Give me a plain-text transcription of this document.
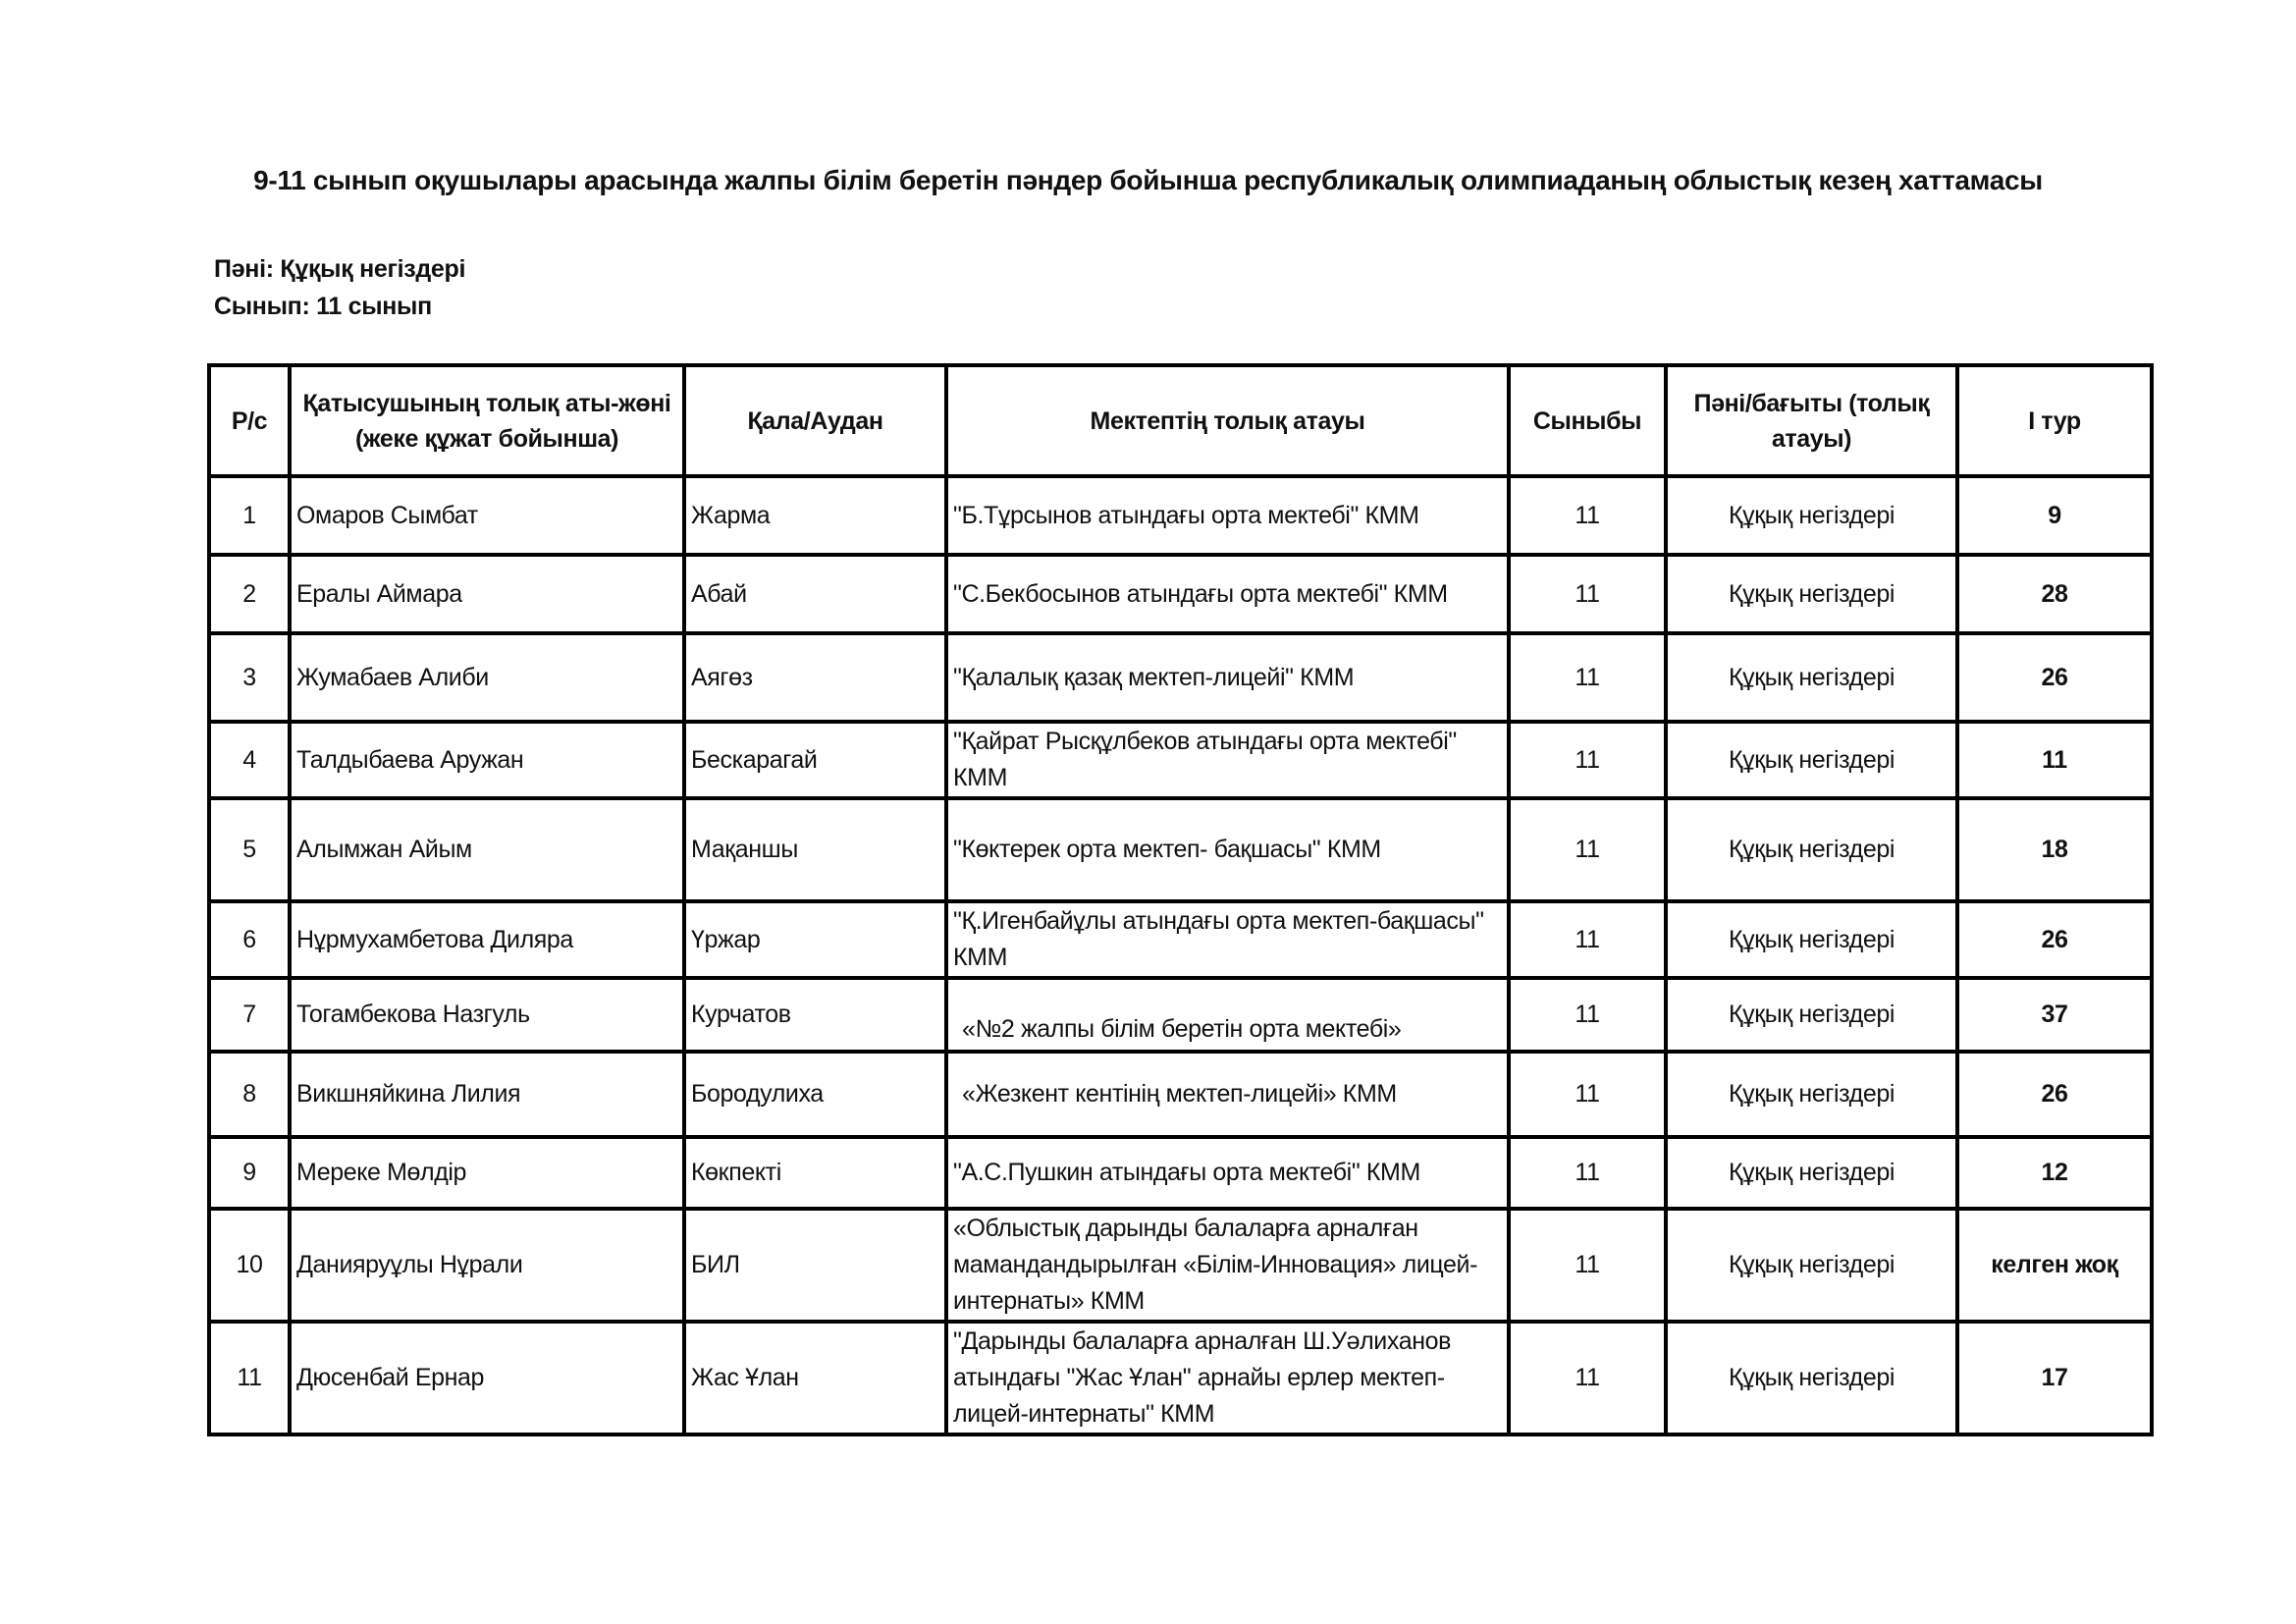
9-11 сынып оқушылары арасында жалпы білім беретін пәндер бойынша республикалық олимпиаданың облыстық кезең хаттамасы
Пәні: Құқық негіздері
Сынып: 11 сынып
Р/с	Қатысушының толық аты-жөні (жеке құжат бойынша)	Қала/Аудан	Мектептің толық атауы	Сыныбы	Пәні/бағыты (толық атауы)	І тур
1	Омаров Сымбат	Жарма	"Б.Тұрсынов атындағы орта мектебі" КММ	11	Құқық негіздері	9
2	Ералы Аймара	Абай	"С.Бекбосынов атындағы орта мектебі" КММ	11	Құқық негіздері	28
3	Жумабаев Алиби	Аягөз	"Қалалық қазақ мектеп-лицейі" КММ	11	Құқық негіздері	26
4	Талдыбаева Аружан	Бескарагай	"Қайрат Рысқұлбеков атындағы орта мектебі" КММ	11	Құқық негіздері	11
5	Алымжан Айым	Мақаншы	"Көктерек орта мектеп- бақшасы" КММ	11	Құқық негіздері	18
6	Нұрмухамбетова Диляра	Үржар	"Қ.Игенбайұлы атындағы орта мектеп-бақшасы" КММ	11	Құқық негіздері	26
7	Тогамбекова Назгуль	Курчатов	«№2 жалпы білім беретін орта мектебі»	11	Құқық негіздері	37
8	Викшняйкина Лилия	Бородулиха	«Жезкент кентінің мектеп-лицейі» КММ	11	Құқық негіздері	26
9	Мереке Мөлдір	Көкпекті	"А.С.Пушкин атындағы орта мектебі" КММ	11	Құқық негіздері	12
10	Данияруұлы Нұрали	БИЛ	«Облыстық дарынды балаларға арналған мамандандырылған «Білім-Инновация» лицей-интернаты» КММ	11	Құқық негіздері	келген жоқ
11	Дюсенбай Ернар	Жас Ұлан	"Дарынды балаларға арналған Ш.Уәлиханов атындағы "Жас Ұлан" арнайы ерлер мектеп-лицей-интернаты" КММ	11	Құқық негіздері	17
